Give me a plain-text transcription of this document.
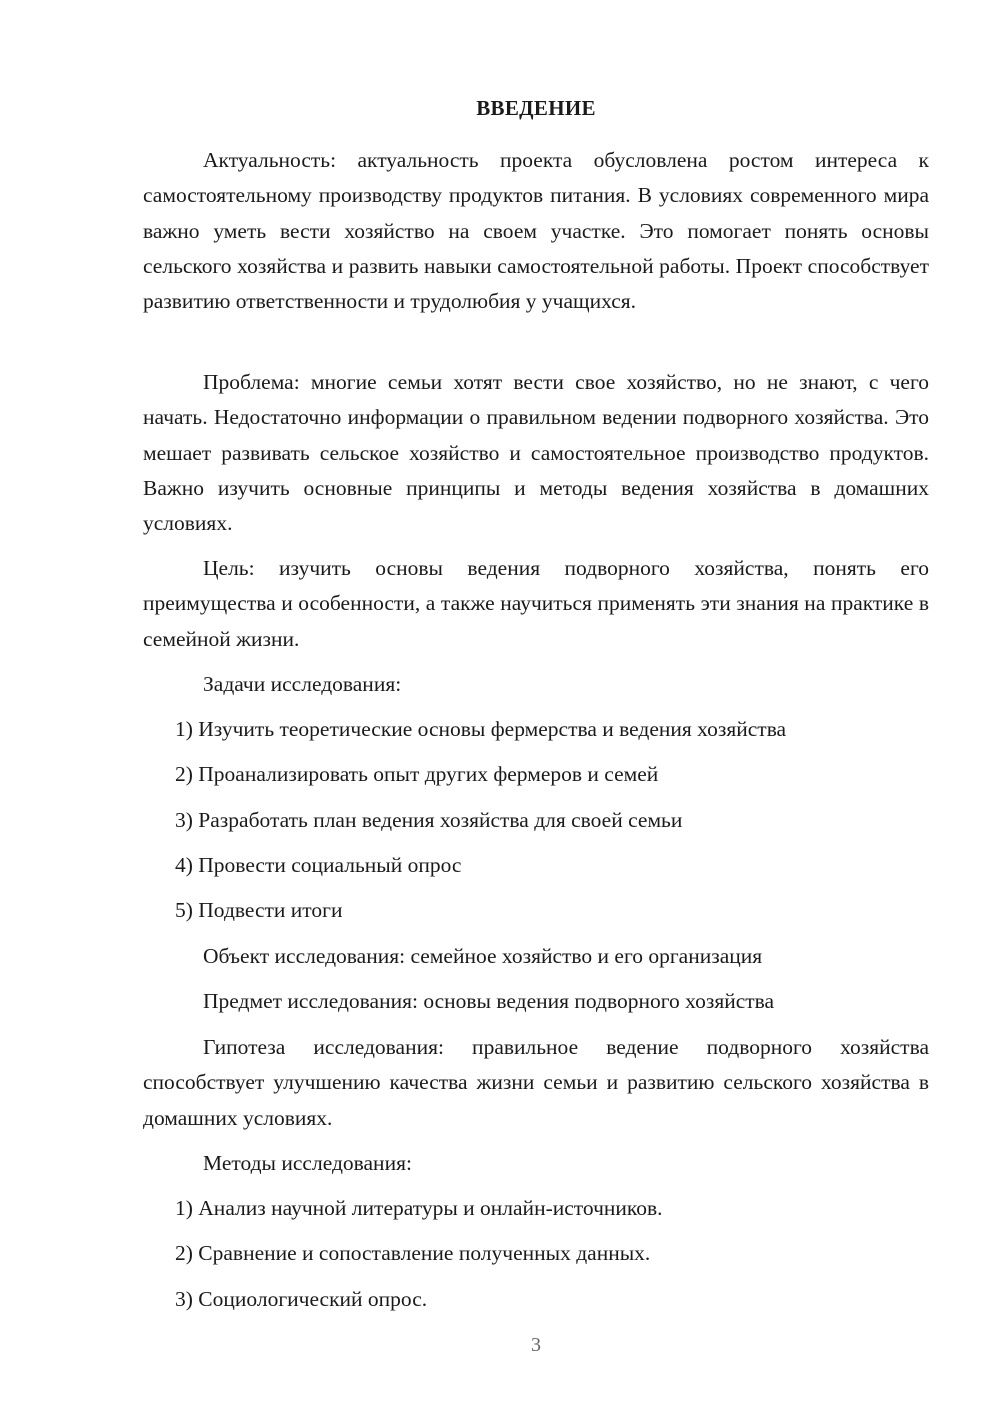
ВВЕДЕНИЕ

Актуальность: актуальность проекта обусловлена ростом интереса к самостоятельному производству продуктов питания. В условиях современного мира важно уметь вести хозяйство на своем участке. Это помогает понять основы сельского хозяйства и развить навыки самостоятельной работы. Проект способствует развитию ответственности и трудолюбия у учащихся.

Проблема: многие семьи хотят вести свое хозяйство, но не знают, с чего начать. Недостаточно информации о правильном ведении подворного хозяйства. Это мешает развивать сельское хозяйство и самостоятельное производство продуктов. Важно изучить основные принципы и методы ведения хозяйства в домашних условиях.

Цель: изучить основы ведения подворного хозяйства, понять его преимущества и особенности, а также научиться применять эти знания на практике в семейной жизни.

Задачи исследования:

1) Изучить теоретические основы фермерства и ведения хозяйства

2) Проанализировать опыт других фермеров и семей

3) Разработать план ведения хозяйства для своей семьи

4) Провести социальный опрос

5) Подвести итоги

Объект исследования: семейное хозяйство и его организация

Предмет исследования: основы ведения подворного хозяйства

Гипотеза исследования: правильное ведение подворного хозяйства способствует улучшению качества жизни семьи и развитию сельского хозяйства в домашних условиях.

Методы исследования:

1) Анализ научной литературы и онлайн-источников.

2) Сравнение и сопоставление полученных данных.

3) Социологический опрос.

3
